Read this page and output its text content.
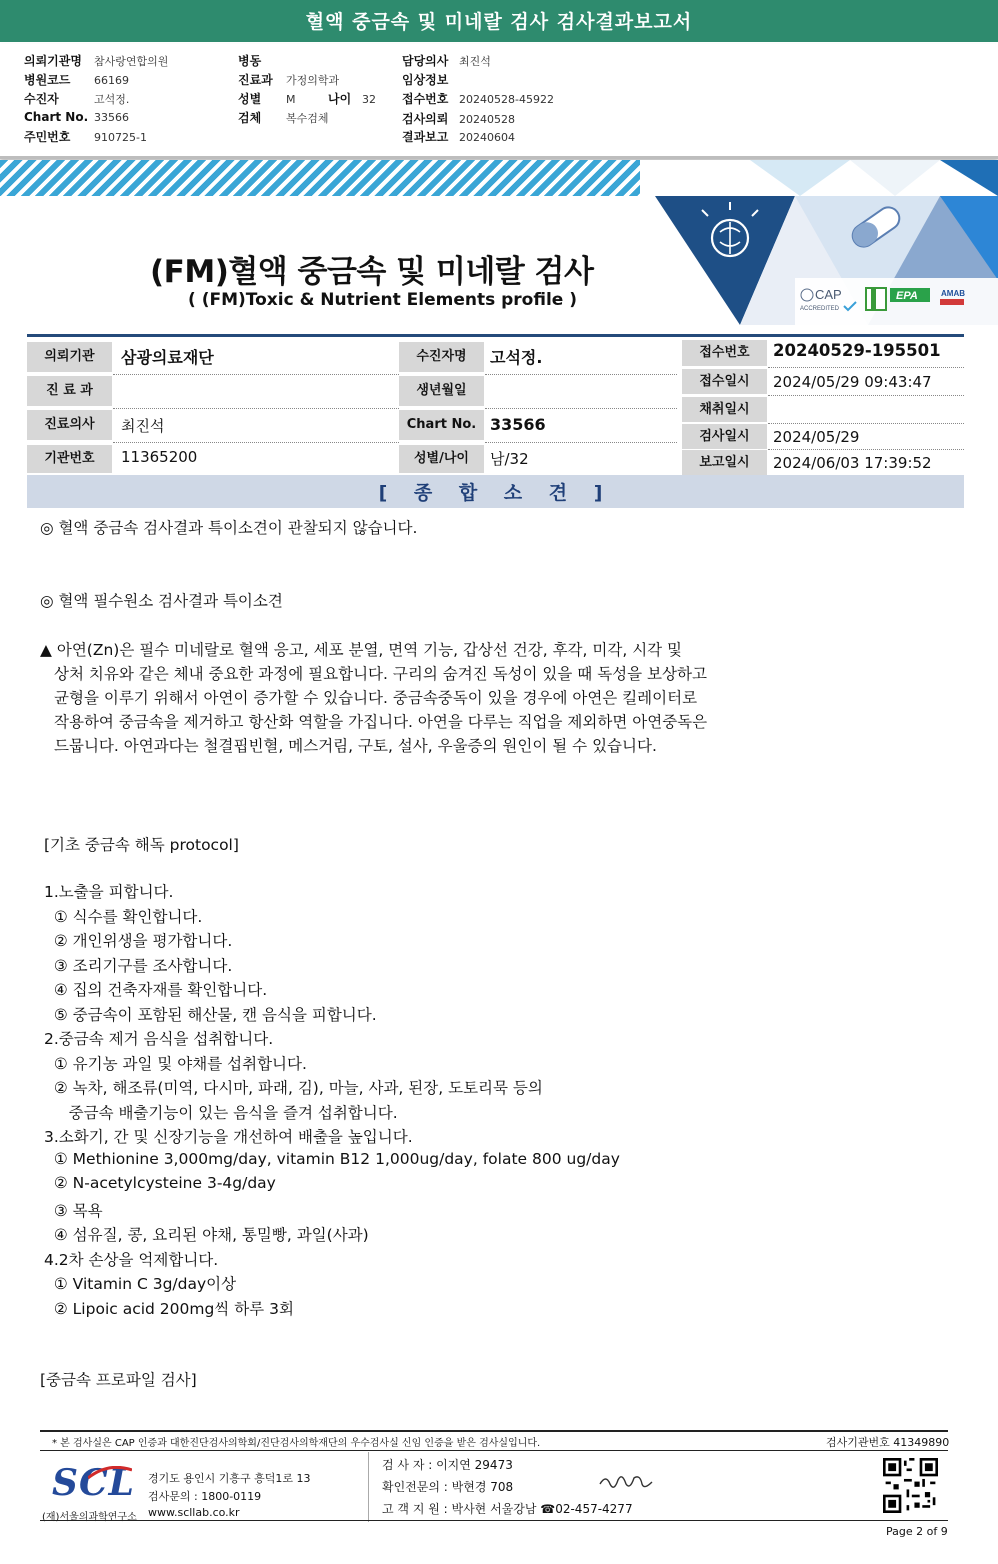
혈액 중금속 및 미네랄 검사 검사결과보고서
의뢰기관명 참사랑연합의원
병원코드 66169
수진자	고석정.
Chart No. 33566
주민번호 910725-1
병동
진료과 가정의학과
성별 M	나이 32
검체 복수검체
담당의사 최진석
임상정보
접수번호 20240528-45922
검사의뢰 20240528
결과보고 20240604
CAP
ACCREDITED
EPA	AMAB
(FM)혈액 중금속 및 미네랄 검사
( (FM)Toxic & Nutrient Elements profile )
의뢰기관	삼광의료재단
진 료 과
진료의사	최진석
기관번호	11365200
수진자명	고석정.
생년월일
Chart No. 33566
성별/나이	남/32
접수번호	20240529-195501
접수일시	2024/05/29 09:43:47
채취일시
검사일시	2024/05/29
보고일시	2024/06/03 17:39:52
[ 종 합 소 견 ]
◎ 혈액 중금속 검사결과 특이소견이 관찰되지 않습니다.
◎ 혈액 필수원소 검사결과 특이소견
▲ 아연(Zn)은 필수 미네랄로 혈액 응고, 세포 분열, 면역 기능, 갑상선 건강, 후각, 미각, 시각 및
상처 치유와 같은 체내 중요한 과정에 필요합니다. 구리의 숨겨진 독성이 있을 때 독성을 보상하고
균형을 이루기 위해서 아연이 증가할 수 있습니다. 중금속중독이 있을 경우에 아연은 킬레이터로
작용하여 중금속을 제거하고 항산화 역할을 가집니다. 아연을 다루는 직업을 제외하면 아연중독은
드뭅니다. 아연과다는 철결핍빈혈, 메스거림, 구토, 설사, 우울증의 원인이 될 수 있습니다.
[기초 중금속 해독 protocol]
1.노출을 피합니다.
① 식수를 확인합니다.
② 개인위생을 평가합니다.
③ 조리기구를 조사합니다.
④ 집의 건축자재를 확인합니다.
⑤ 중금속이 포함된 해산물, 캔 음식을 피합니다.
2.중금속 제거 음식을 섭취합니다.
① 유기농 과일 및 야채를 섭취합니다.
② 녹차, 해조류(미역, 다시마, 파래, 김), 마늘, 사과, 된장, 도토리묵 등의
중금속 배출기능이 있는 음식을 즐겨 섭취합니다.
3.소화기, 간 및 신장기능을 개선하여 배출을 높입니다.
① Methionine 3,000mg/day, vitamin B12 1,000ug/day, folate 800 ug/day
② N-acetylcysteine 3-4g/day
③ 목욕
④ 섬유질, 콩, 요리된 야채, 통밀빵, 과일(사과)
4.2차 손상을 억제합니다.
① Vitamin C 3g/day이상
② Lipoic acid 200mg씩 하루 3회
[중금속 프로파일 검사]
* 본 검사실은 CAP 인증과 대한진단검사의학회/진단검사의학재단의 우수검사실 신임 인증을 받은 검사실입니다.	검사기관번호 41349890
SCL
(재)서울의과학연구소
경기도 용인시 기흥구 흥덕1로 13
검사문의 : 1800-0119
www.scllab.co.kr
검 사 자 : 이지연 29473
확인전문의 : 박현경 708
고 객 지 원 : 박사현 서울강남 ☎02-457-4277
Page 2 of 9
